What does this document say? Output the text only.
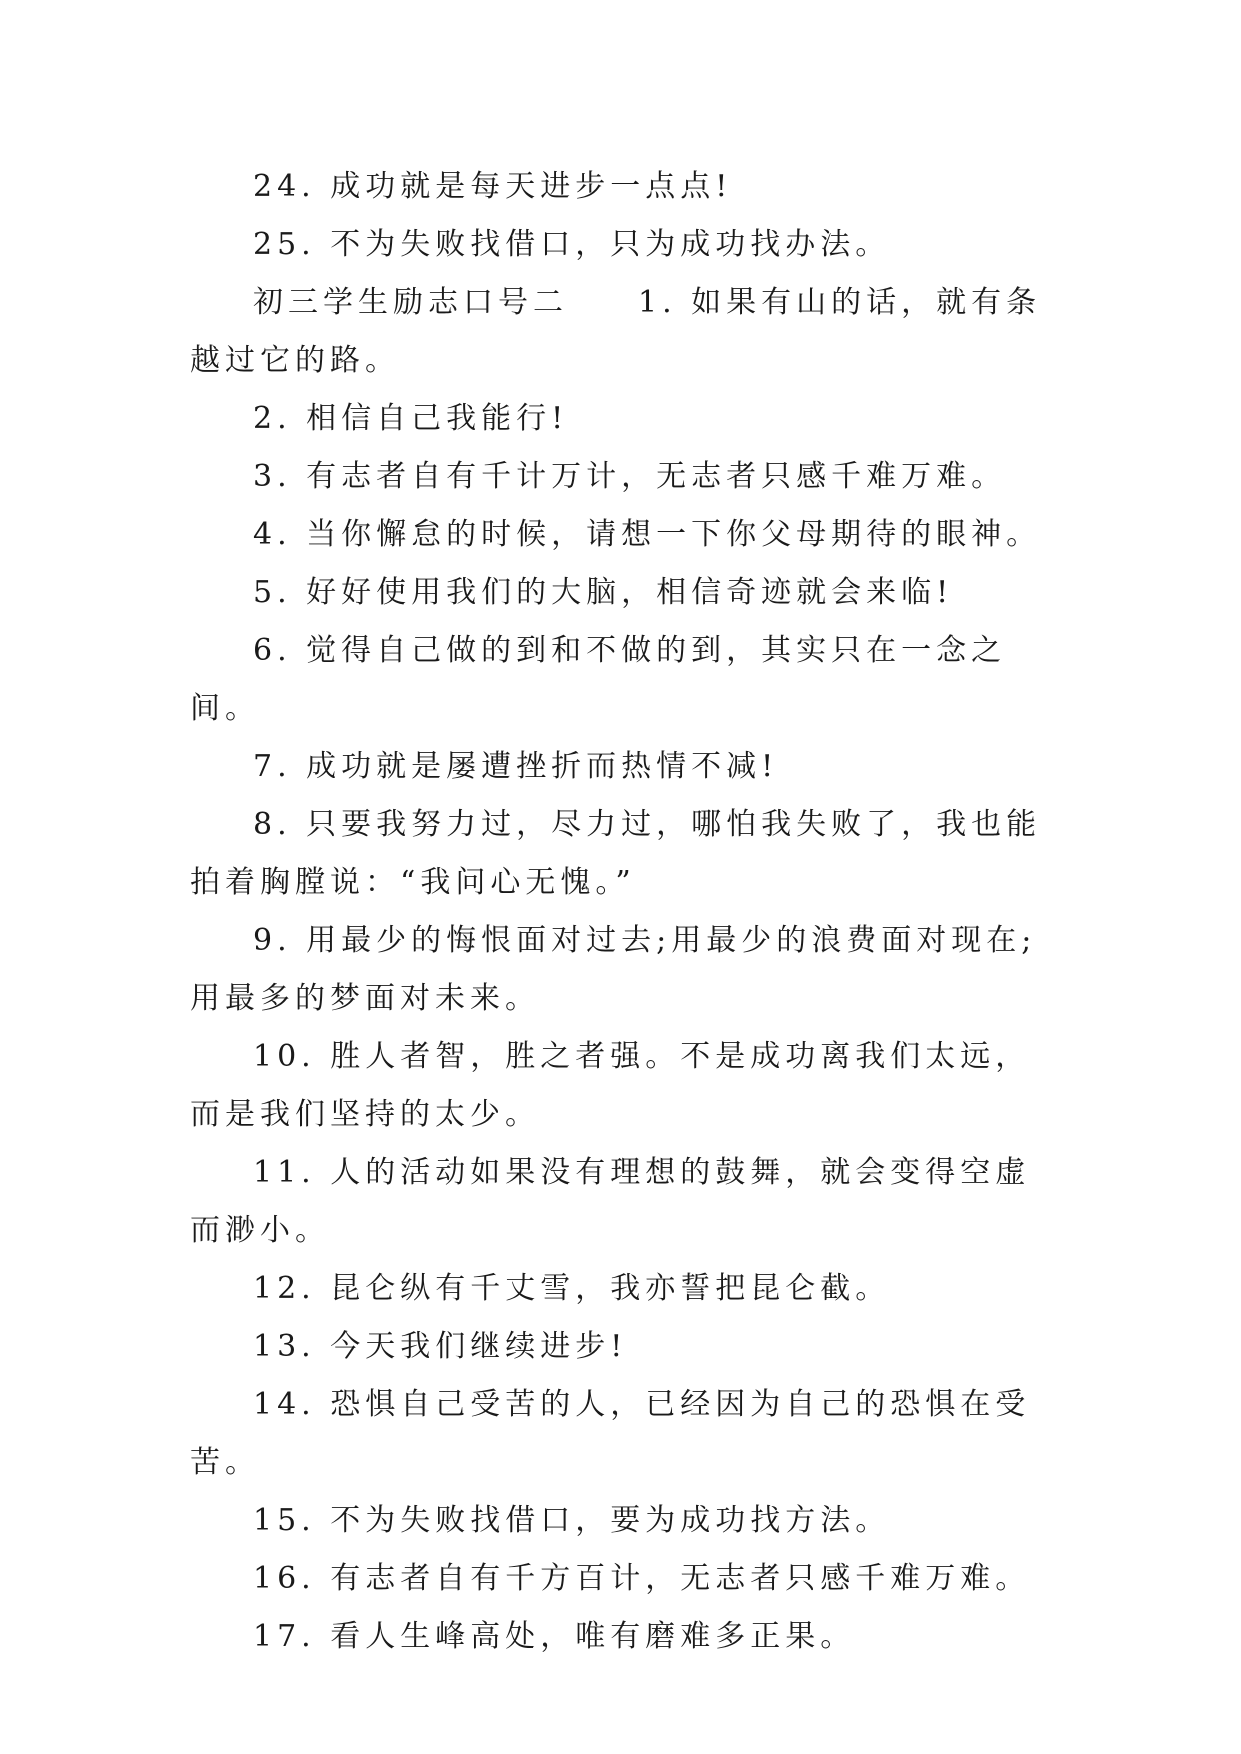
24. 成功就是每天进步一点点!

25. 不为失败找借口，只为成功找办法。

初三学生励志口号二　　1. 如果有山的话，就有条越过它的路。

2. 相信自己我能行!

3. 有志者自有千计万计，无志者只感千难万难。

4. 当你懈怠的时候，请想一下你父母期待的眼神。

5. 好好使用我们的大脑，相信奇迹就会来临!

6. 觉得自己做的到和不做的到，其实只在一念之间。

7. 成功就是屡遭挫折而热情不减!

8. 只要我努力过，尽力过，哪怕我失败了，我也能拍着胸膛说：“我问心无愧。”

9. 用最少的悔恨面对过去;用最少的浪费面对现在;用最多的梦面对未来。

10. 胜人者智，胜之者强。不是成功离我们太远，而是我们坚持的太少。

11. 人的活动如果没有理想的鼓舞，就会变得空虚而渺小。

12. 昆仑纵有千丈雪，我亦誓把昆仑截。

13. 今天我们继续进步!

14. 恐惧自己受苦的人，已经因为自己的恐惧在受苦。

15. 不为失败找借口，要为成功找方法。

16. 有志者自有千方百计，无志者只感千难万难。

17. 看人生峰高处，唯有磨难多正果。
